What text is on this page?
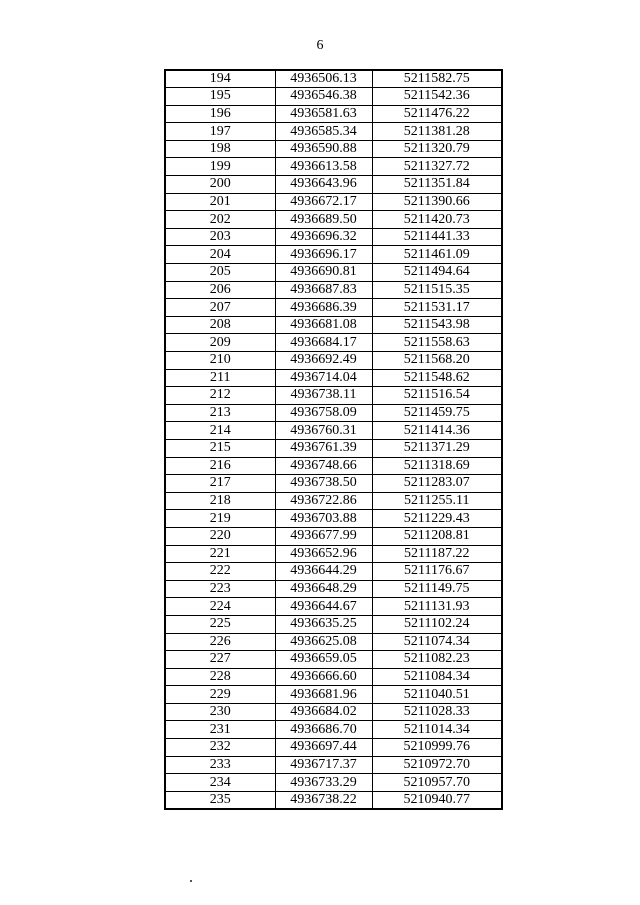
6
194	4936506.13	5211582.75
195	4936546.38	5211542.36
196	4936581.63	5211476.22
197	4936585.34	5211381.28
198	4936590.88	5211320.79
199	4936613.58	5211327.72
200	4936643.96	5211351.84
201	4936672.17	5211390.66
202	4936689.50	5211420.73
203	4936696.32	5211441.33
204	4936696.17	5211461.09
205	4936690.81	5211494.64
206	4936687.83	5211515.35
207	4936686.39	5211531.17
208	4936681.08	5211543.98
209	4936684.17	5211558.63
210	4936692.49	5211568.20
211	4936714.04	5211548.62
212	4936738.11	5211516.54
213	4936758.09	5211459.75
214	4936760.31	5211414.36
215	4936761.39	5211371.29
216	4936748.66	5211318.69
217	4936738.50	5211283.07
218	4936722.86	5211255.11
219	4936703.88	5211229.43
220	4936677.99	5211208.81
221	4936652.96	5211187.22
222	4936644.29	5211176.67
223	4936648.29	5211149.75
224	4936644.67	5211131.93
225	4936635.25	5211102.24
226	4936625.08	5211074.34
227	4936659.05	5211082.23
228	4936666.60	5211084.34
229	4936681.96	5211040.51
230	4936684.02	5211028.33
231	4936686.70	5211014.34
232	4936697.44	5210999.76
233	4936717.37	5210972.70
234	4936733.29	5210957.70
235	4936738.22	5210940.77
